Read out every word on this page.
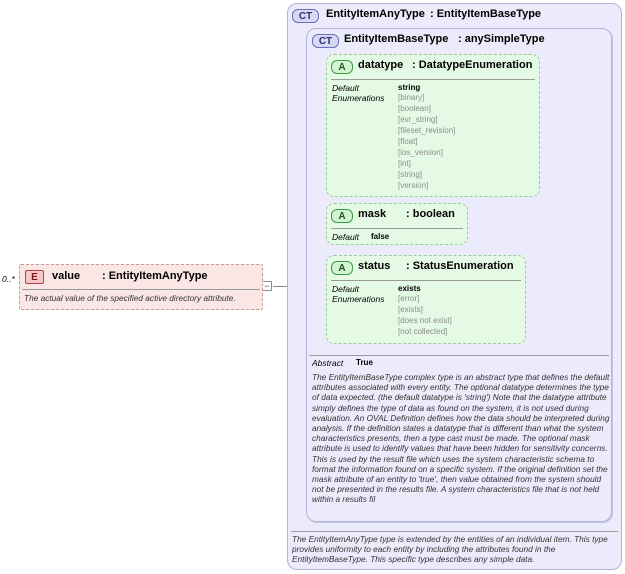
−
0..*	E	value : EntityItemAnyType
The actual value of the specified active directory attribute.
CT	EntityItemAnyType : EntityItemBaseType
The EntityItemAnyType type is extended by the entities of an individual item. This type provides uniformity to each entity by including the attributes found in the EntityItemBaseType. This specific type describes any simple data.
CT	EntityItemBaseType : anySimpleType
Abstract True
The EntityItemBaseType complex type is an abstract type that defines the default attributes associated with every entity. The optional datatype determines the type of data expected. (the default datatype is 'string') Note that the datatype attribute simply defines the type of data as found on the system, it is not used during evaluation. An OVAL Definition defines how the data should be interpreted during analysis. If the definition states a datatype that is different than what the system characteristics presents, then a type cast must be made. The optional mask attribute is used to identify values that have been hidden for sensitivity concerns. This is used by the result file which uses the system characteristic schema to format the information found on a specific system. If the original definition set the mask attribute of an entity to 'true', then value obtained from the system should not be presented in the results file. A system characteristics file that is not held within a results fil
A	datatype : DatatypeEnumeration
Default	string
Enumerations [binary]
[boolean]
[evr_string]
[fileset_revision]
[float]
[ios_version]
[int]
[string]
[version]
A	mask : boolean
Default false
A	status : StatusEnumeration
Default	exists
Enumerations [error]
[exists]
[does not exist]
[not collected]
